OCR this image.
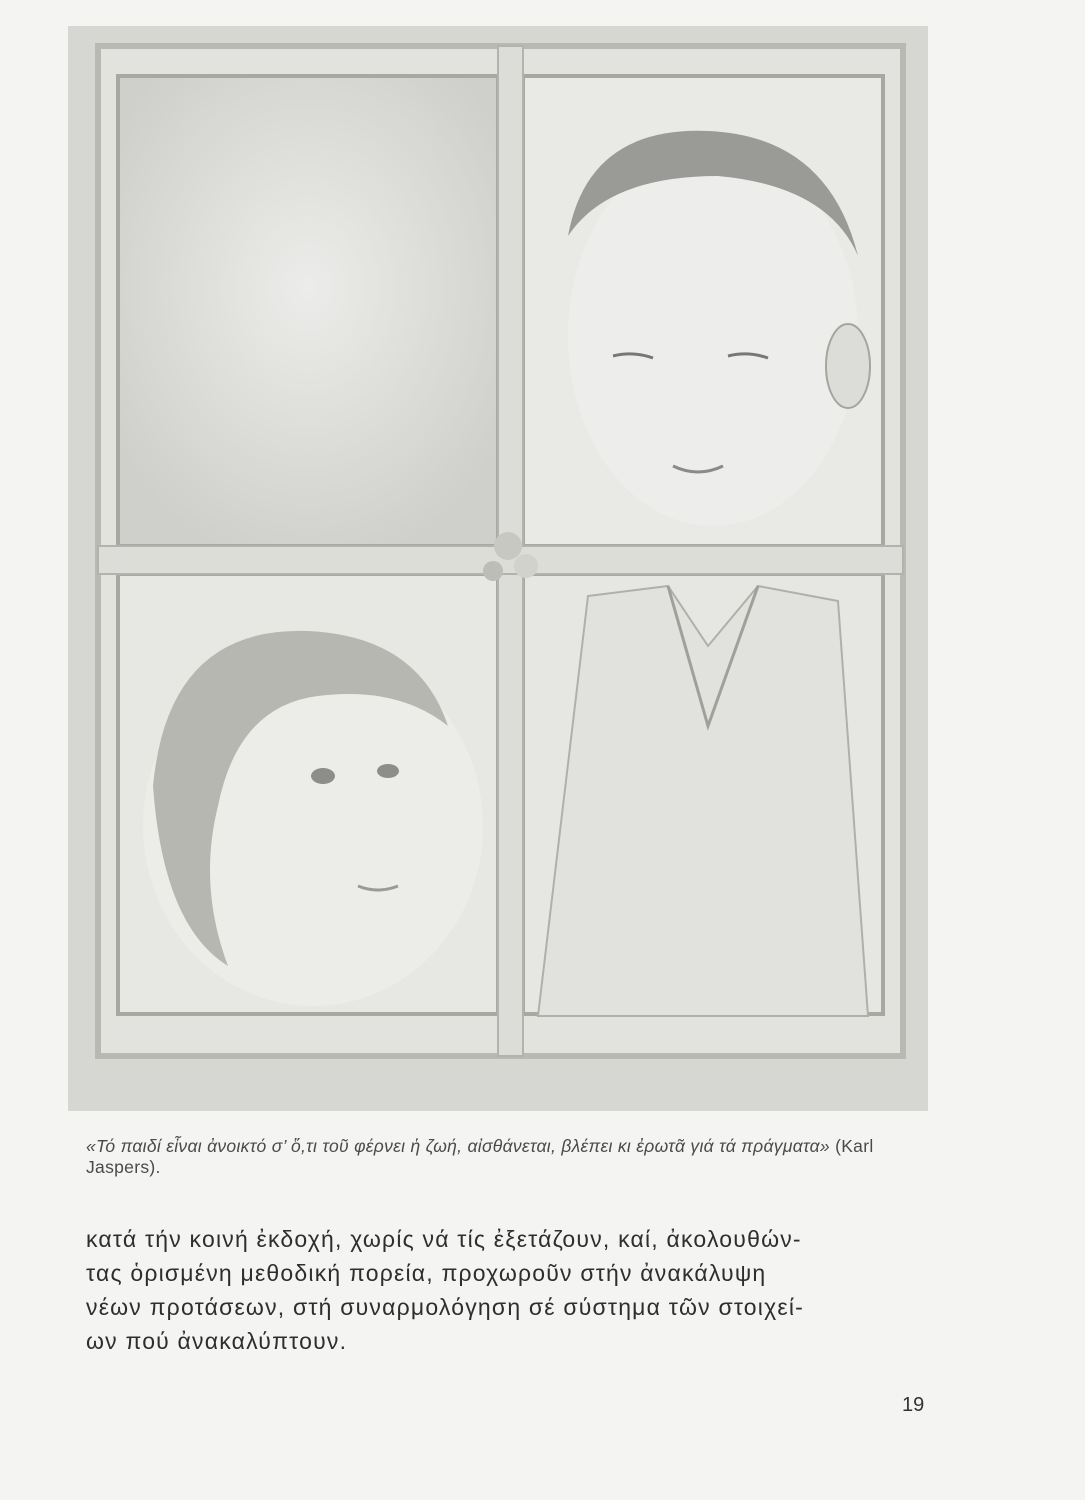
«Τό παιδί εἶναι ἀνοικτό σ’ ὅ,τι τοῦ φέρνει ἡ ζωή, αἰσθάνεται, βλέπει κι ἐρωτᾶ γιά τά πράγματα» (Karl Jaspers).
κατά τήν κοινή ἐκδοχή, χωρίς νά τίς ἐξετάζουν, καί, ἀκολουθών-
τας ὁρισμένη μεθοδική πορεία, προχωροῦν στήν ἀνακάλυψη
νέων προτάσεων, στή συναρμολόγηση σέ σύστημα τῶν στοιχεί-
ων πού ἀνακαλύπτουν.
19
